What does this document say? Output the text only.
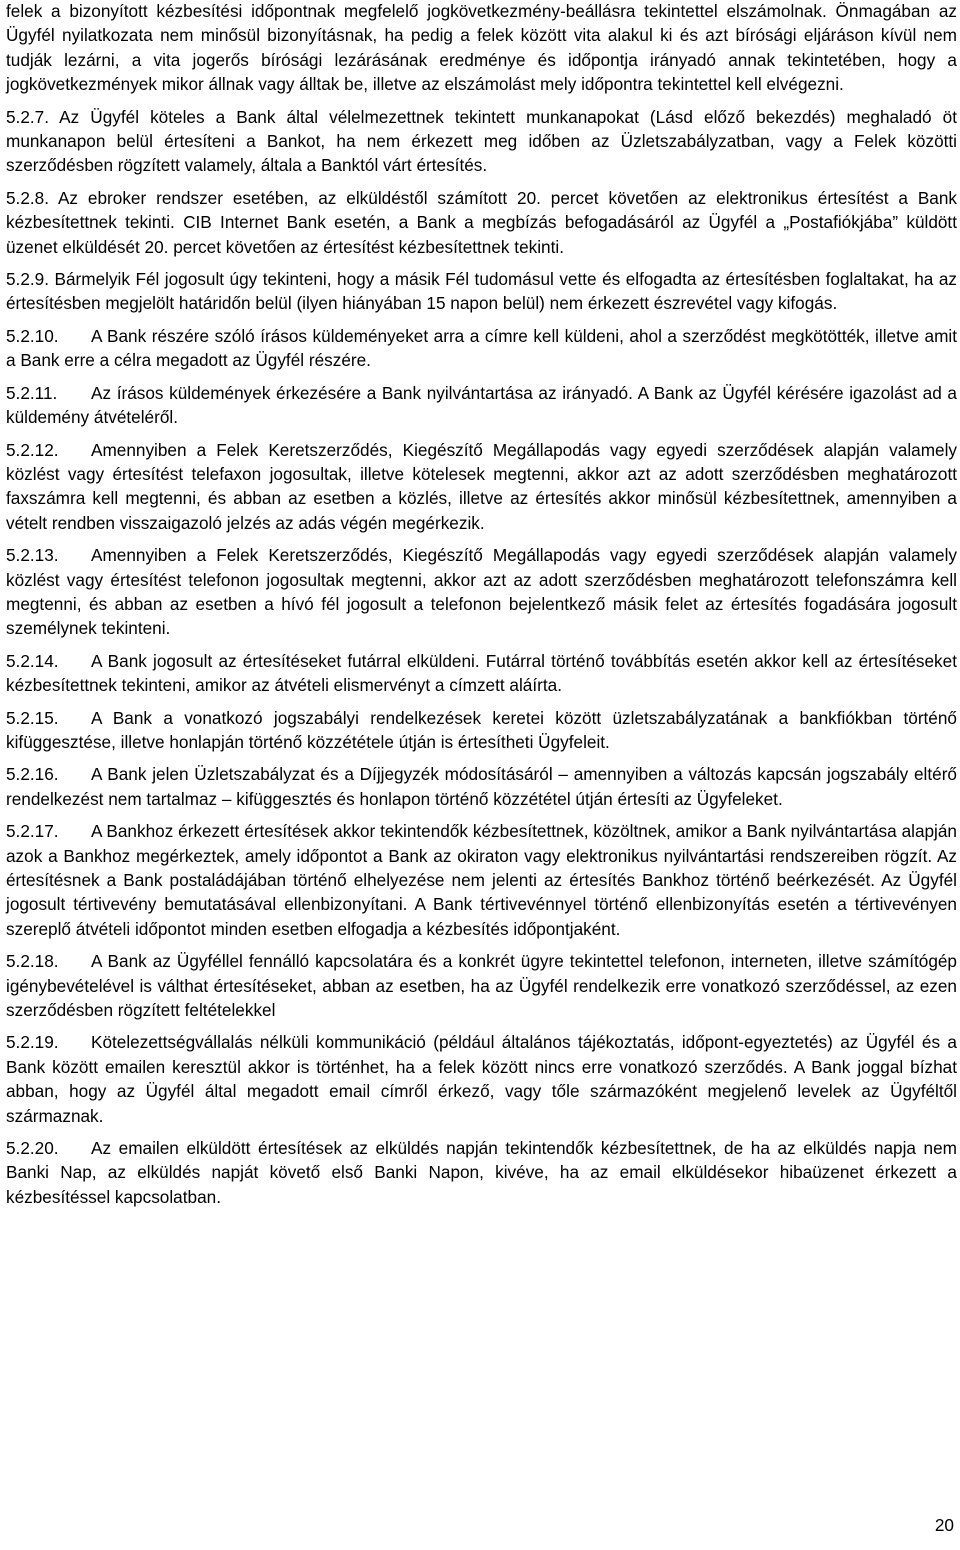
felek a bizonyított kézbesítési időpontnak megfelelő jogkövetkezmény-beállásra tekintettel elszámolnak. Önmagában az Ügyfél nyilatkozata nem minősül bizonyításnak, ha pedig a felek között vita alakul ki és azt bírósági eljáráson kívül nem tudják lezárni, a vita jogerős bírósági lezárásának eredménye és időpontja irányadó annak tekintetében, hogy a jogkövetkezmények mikor állnak vagy álltak be, illetve az elszámolást mely időpontra tekintettel kell elvégezni.

5.2.7. Az Ügyfél köteles a Bank által vélelmezettnek tekintett munkanapokat (Lásd előző bekezdés) meghaladó öt munkanapon belül értesíteni a Bankot, ha nem érkezett meg időben az Üzletszabályzatban, vagy a Felek közötti szerződésben rögzített valamely, általa a Banktól várt értesítés.

5.2.8. Az ebroker rendszer esetében, az elküldéstől számított 20. percet követően az elektronikus értesítést a Bank kézbesítettnek tekinti. CIB Internet Bank esetén, a Bank a megbízás befogadásáról az Ügyfél a „Postafiókjába” küldött üzenet elküldését 20. percet követően az értesítést kézbesítettnek tekinti.

5.2.9. Bármelyik Fél jogosult úgy tekinteni, hogy a másik Fél tudomásul vette és elfogadta az értesítésben foglaltakat, ha az értesítésben megjelölt határidőn belül (ilyen hiányában 15 napon belül) nem érkezett észrevétel vagy kifogás.

5.2.10. A Bank részére szóló írásos küldeményeket arra a címre kell küldeni, ahol a szerződést megkötötték, illetve amit a Bank erre a célra megadott az Ügyfél részére.

5.2.11. Az írásos küldemények érkezésére a Bank nyilvántartása az irányadó. A Bank az Ügyfél kérésére igazolást ad a küldemény átvételéről.

5.2.12. Amennyiben a Felek Keretszerződés, Kiegészítő Megállapodás vagy egyedi szerződések alapján valamely közlést vagy értesítést telefaxon jogosultak, illetve kötelesek megtenni, akkor azt az adott szerződésben meghatározott faxszámra kell megtenni, és abban az esetben a közlés, illetve az értesítés akkor minősül kézbesítettnek, amennyiben a vételt rendben visszaigazoló jelzés az adás végén megérkezik.

5.2.13. Amennyiben a Felek Keretszerződés, Kiegészítő Megállapodás vagy egyedi szerződések alapján valamely közlést vagy értesítést telefonon jogosultak megtenni, akkor azt az adott szerződésben meghatározott telefonszámra kell megtenni, és abban az esetben a hívó fél jogosult a telefonon bejelentkező másik felet az értesítés fogadására jogosult személynek tekinteni.

5.2.14. A Bank jogosult az értesítéseket futárral elküldeni. Futárral történő továbbítás esetén akkor kell az értesítéseket kézbesítettnek tekinteni, amikor az átvételi elismervényt a címzett aláírta.

5.2.15. A Bank a vonatkozó jogszabályi rendelkezések keretei között üzletszabályzatának a bankfiókban történő kifüggesztése, illetve honlapján történő közzététele útján is értesítheti Ügyfeleit.

5.2.16. A Bank jelen Üzletszabályzat és a Díjjegyzék módosításáról – amennyiben a változás kapcsán jogszabály eltérő rendelkezést nem tartalmaz – kifüggesztés és honlapon történő közzététel útján értesíti az Ügyfeleket.

5.2.17. A Bankhoz érkezett értesítések akkor tekintendők kézbesítettnek, közöltnek, amikor a Bank nyilvántartása alapján azok a Bankhoz megérkeztek, amely időpontot a Bank az okiraton vagy elektronikus nyilvántartási rendszereiben rögzít. Az értesítésnek a Bank postaládájában történő elhelyezése nem jelenti az értesítés Bankhoz történő beérkezését. Az Ügyfél jogosult tértivevény bemutatásával ellenbizonyítani. A Bank tértivevénnyel történő ellenbizonyítás esetén a tértivevényen szereplő átvételi időpontot minden esetben elfogadja a kézbesítés időpontjaként.

5.2.18. A Bank az Ügyféllel fennálló kapcsolatára és a konkrét ügyre tekintettel telefonon, interneten, illetve számítógép igénybevételével is válthat értesítéseket, abban az esetben, ha az Ügyfél rendelkezik erre vonatkozó szerződéssel, az ezen szerződésben rögzített feltételekkel

5.2.19. Kötelezettségvállalás nélküli kommunikáció (például általános tájékoztatás, időpont-egyeztetés) az Ügyfél és a Bank között emailen keresztül akkor is történhet, ha a felek között nincs erre vonatkozó szerződés. A Bank joggal bízhat abban, hogy az Ügyfél által megadott email címről érkező, vagy tőle származóként megjelenő levelek az Ügyféltől származnak.

5.2.20. Az emailen elküldött értesítések az elküldés napján tekintendők kézbesítettnek, de ha az elküldés napja nem Banki Nap, az elküldés napját követő első Banki Napon, kivéve, ha az email elküldésekor hibaüzenet érkezett a kézbesítéssel kapcsolatban.

20
